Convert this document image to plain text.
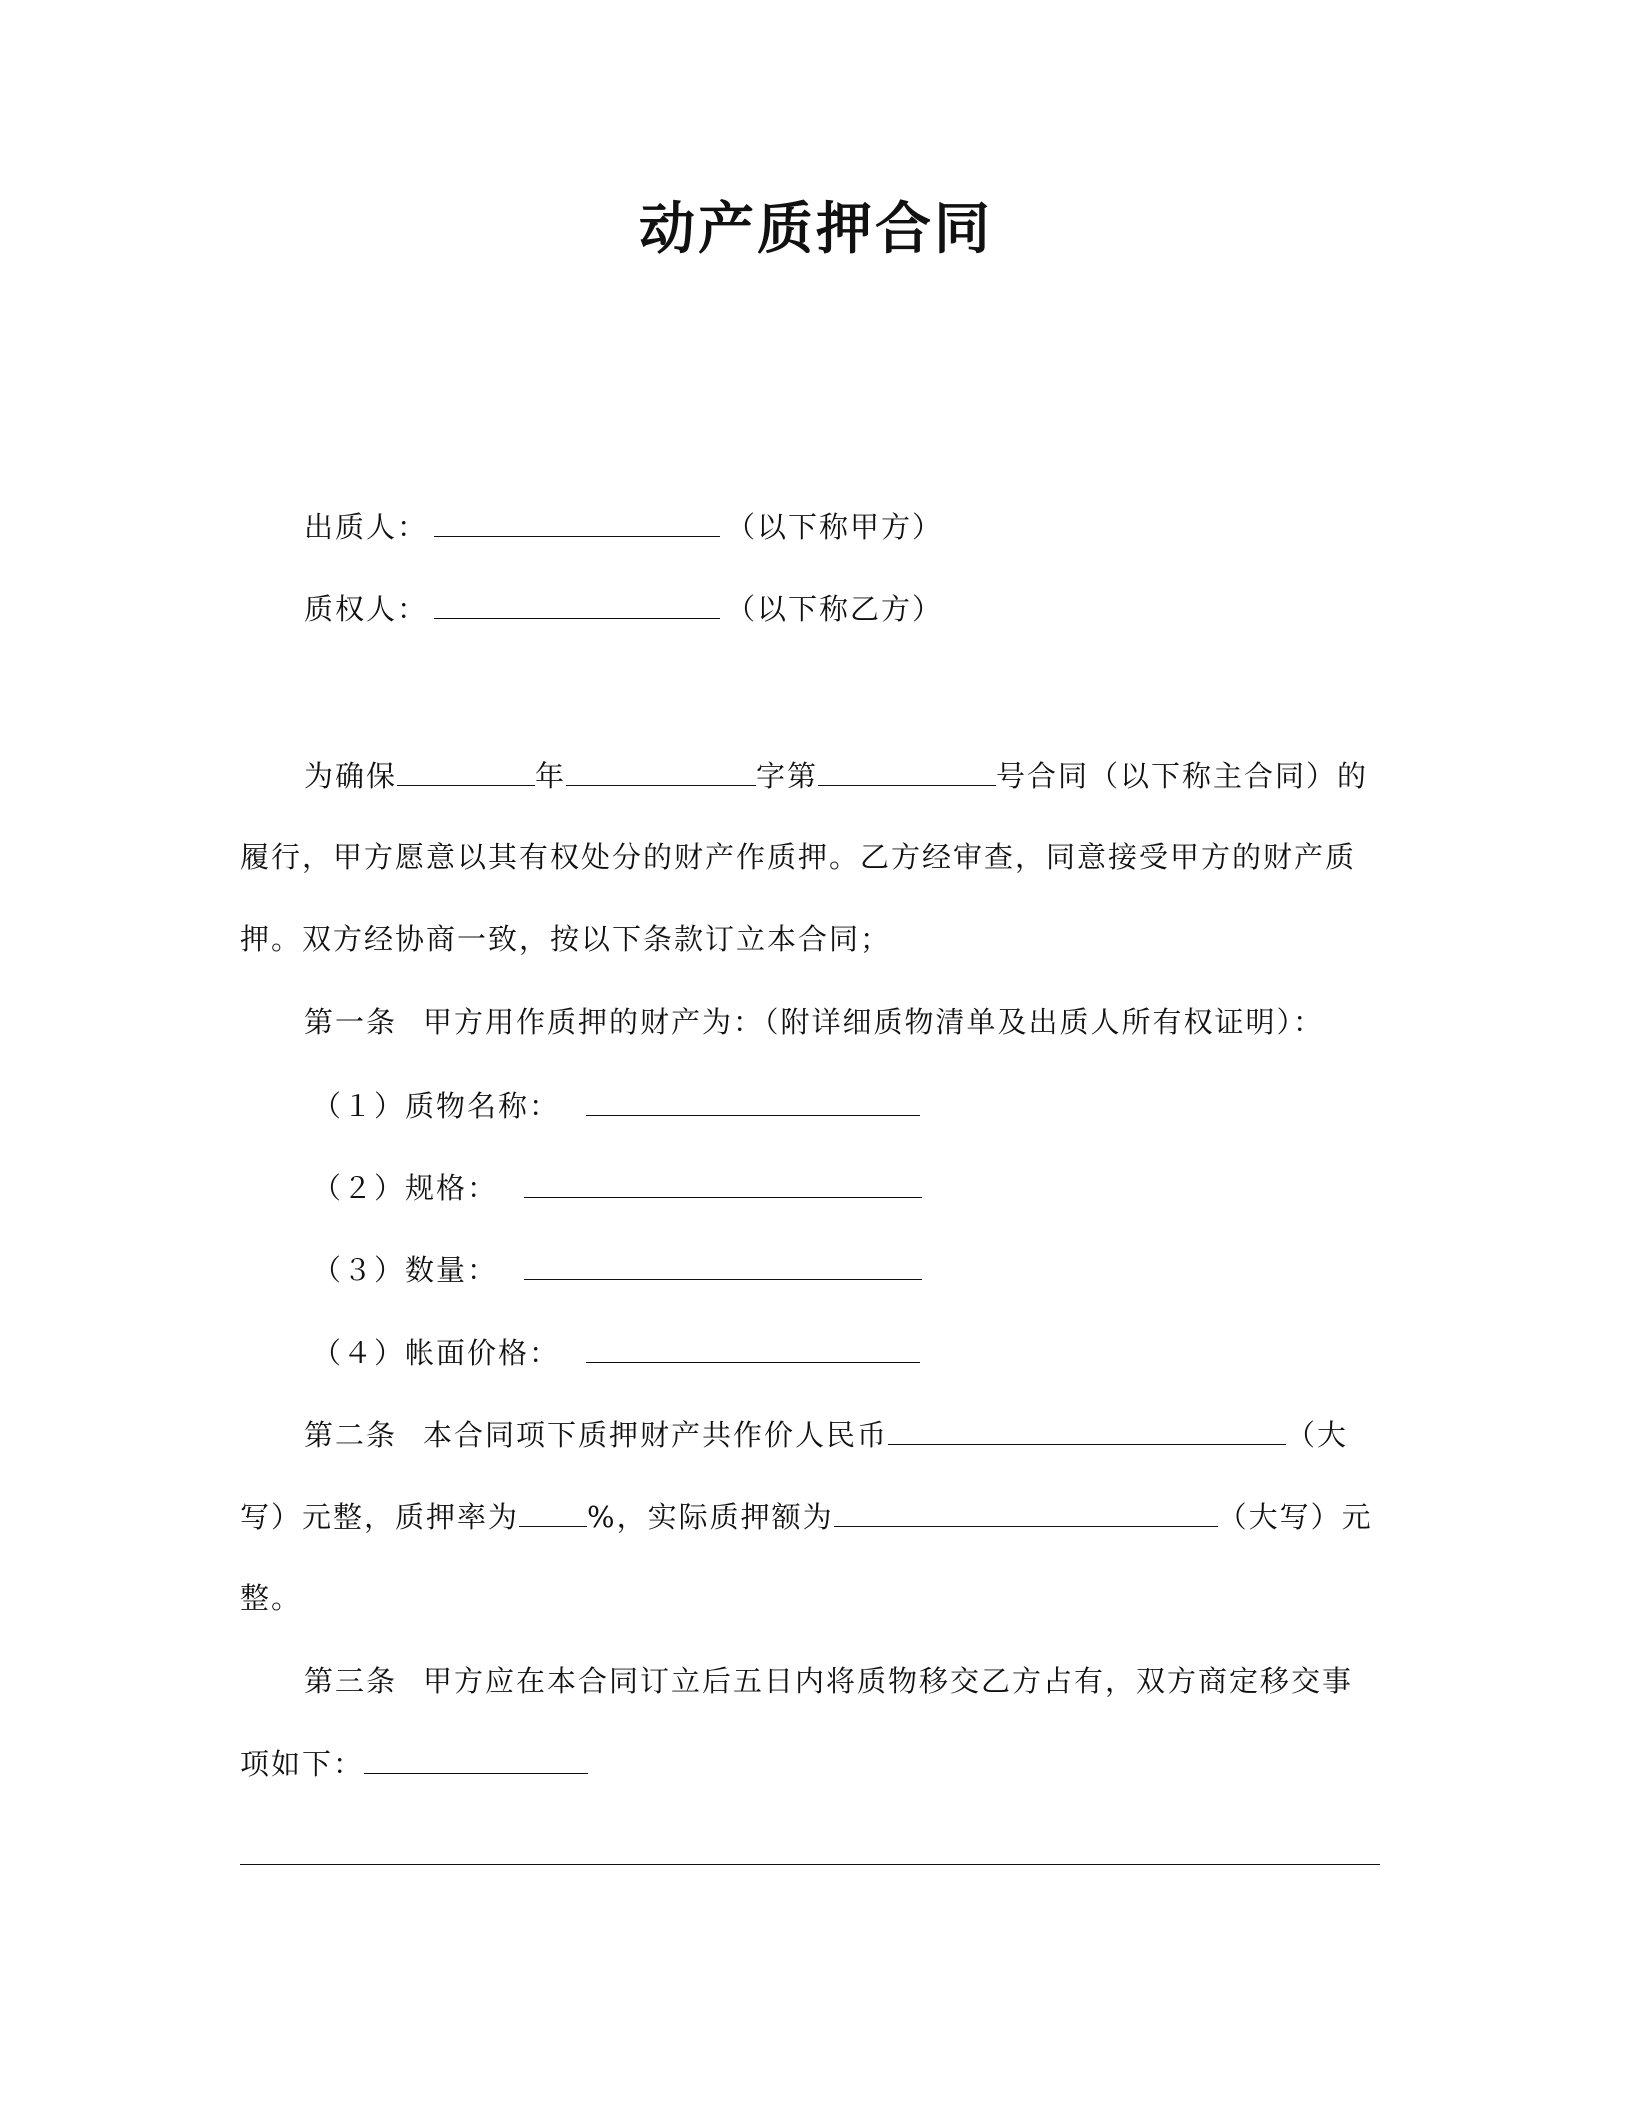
动产质押合同
出质人：	（以下称甲方）
质权人：	（以下称乙方）
为确保	年	字第	号合同（以下称主合同）的
履行，甲方愿意以其有权处分的财产作质押。乙方经审查，同意接受甲方的财产质
押。双方经协商一致，按以下条款订立本合同；
第一条 甲方用作质押的财产为：（附详细质物清单及出质人所有权证明）：
（１）质物名称：
（２）规格：
（３）数量：
（４）帐面价格：
第二条 本合同项下质押财产共作价人民币	（大
写）元整，质押率为 %，实际质押额为	（大写）元
整。
第三条 甲方应在本合同订立后五日内将质物移交乙方占有，双方商定移交事
项如下：
